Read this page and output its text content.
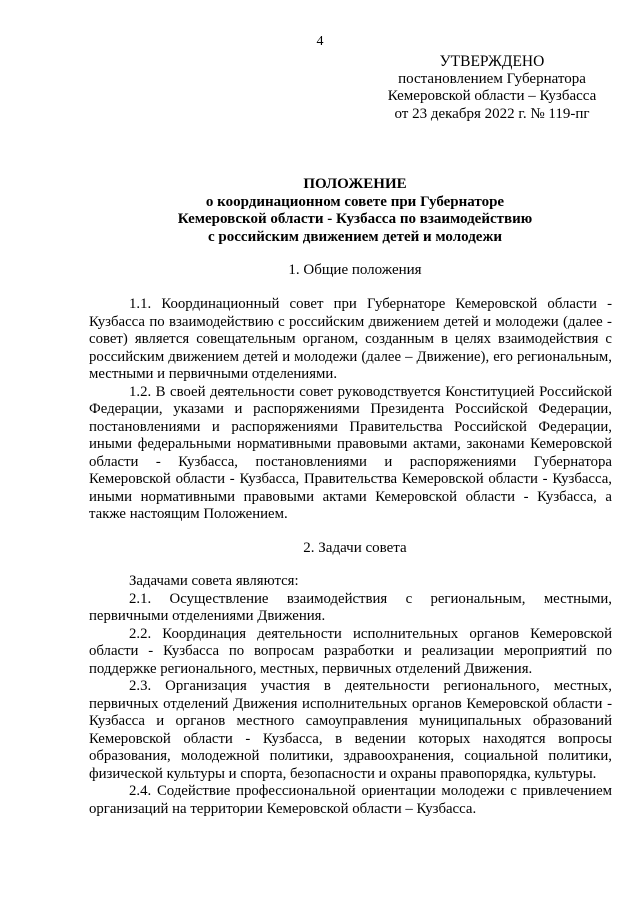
4
УТВЕРЖДЕНО
постановлением Губернатора
Кемеровской области – Кузбасса
от 23 декабря 2022 г. № 119-пг
ПОЛОЖЕНИЕ
о координационном совете при Губернаторе
Кемеровской области - Кузбасса по взаимодействию
с российским движением детей и молодежи
1. Общие положения

1.1. Координационный совет при Губернаторе Кемеровской области - Кузбасса по взаимодействию с российским движением детей и молодежи (далее - совет) является совещательным органом, созданным в целях взаимодействия с российским движением детей и молодежи (далее – Движение), его региональным, местными и первичными отделениями.

1.2. В своей деятельности совет руководствуется Конституцией Российской Федерации, указами и распоряжениями Президента Российской Федерации, постановлениями и распоряжениями Правительства Российской Федерации, иными федеральными нормативными правовыми актами, законами Кемеровской области - Кузбасса, постановлениями и распоряжениями Губернатора Кемеровской области - Кузбасса, Правительства Кемеровской области - Кузбасса, иными нормативными правовыми актами Кемеровской области - Кузбасса, а также настоящим Положением.

2. Задачи совета

Задачами совета являются:

2.1. Осуществление взаимодействия с региональным, местными, первичными отделениями Движения.

2.2. Координация деятельности исполнительных органов Кемеровской области - Кузбасса по вопросам разработки и реализации мероприятий по поддержке регионального, местных, первичных отделений Движения.

2.3. Организация участия в деятельности регионального, местных, первичных отделений Движения исполнительных органов Кемеровской области - Кузбасса и органов местного самоуправления муниципальных образований Кемеровской области - Кузбасса, в ведении которых находятся вопросы образования, молодежной политики, здравоохранения, социальной политики, физической культуры и спорта, безопасности и охраны правопорядка, культуры.

2.4. Содействие профессиональной ориентации молодежи с привлечением организаций на территории Кемеровской области – Кузбасса.
